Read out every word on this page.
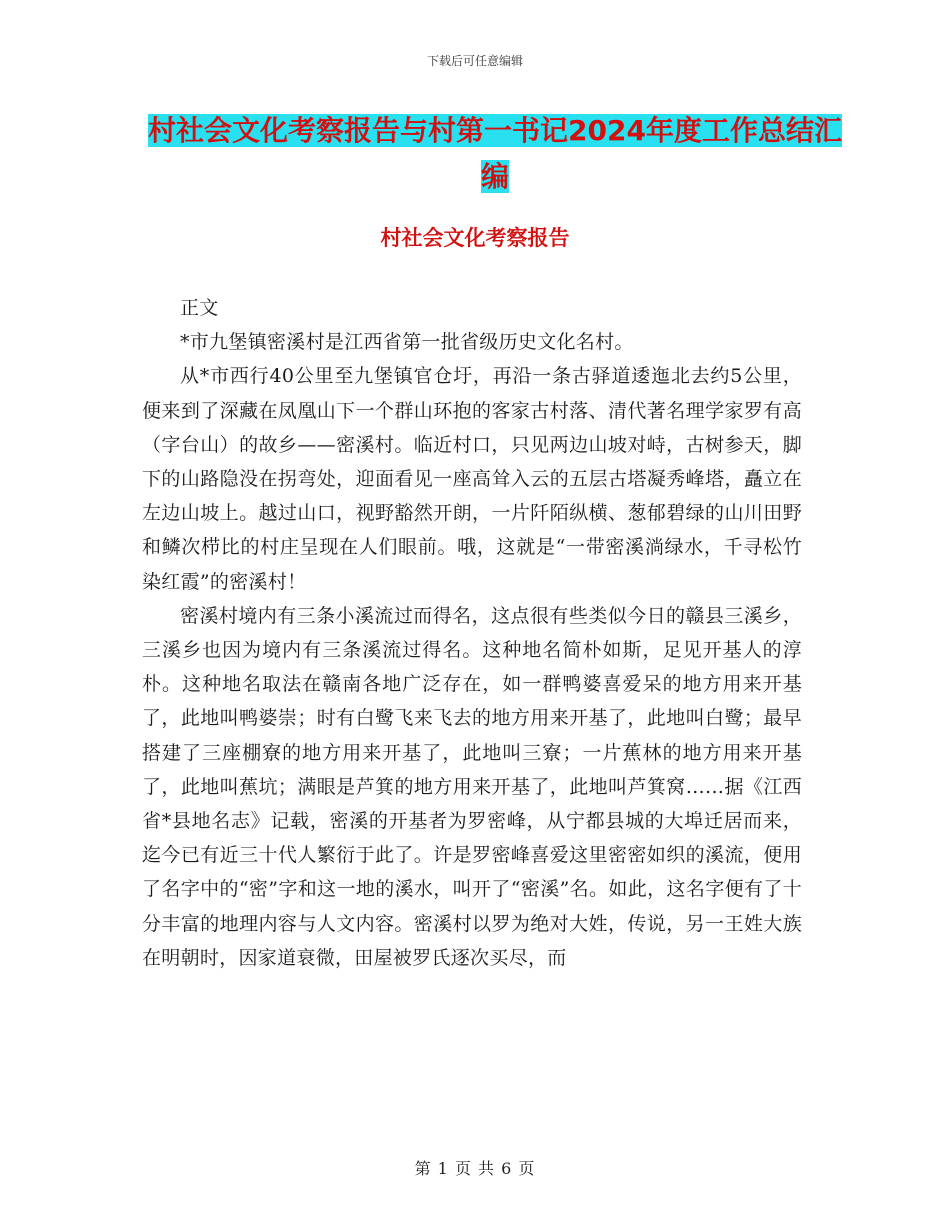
下载后可任意编辑
村社会文化考察报告与村第一书记2024年度工作总结汇编
村社会文化考察报告

正文

*市九堡镇密溪村是江西省第一批省级历史文化名村。

从*市西行40公里至九堡镇官仓圩，再沿一条古驿道逶迤北去约5公里，便来到了深藏在凤凰山下一个群山环抱的客家古村落、清代著名理学家罗有高（字台山）的故乡——密溪村。临近村口，只见两边山坡对峙，古树参天，脚下的山路隐没在拐弯处，迎面看见一座高耸入云的五层古塔凝秀峰塔，矗立在左边山坡上。越过山口，视野豁然开朗，一片阡陌纵横、葱郁碧绿的山川田野和鳞次栉比的村庄呈现在人们眼前。哦，这就是“一带密溪淌绿水，千寻松竹染红霞”的密溪村！

密溪村境内有三条小溪流过而得名，这点很有些类似今日的赣县三溪乡，三溪乡也因为境内有三条溪流过得名。这种地名简朴如斯，足见开基人的淳朴。这种地名取法在赣南各地广泛存在，如一群鸭婆喜爱呆的地方用来开基了，此地叫鸭婆崇；时有白鹭飞来飞去的地方用来开基了，此地叫白鹭；最早搭建了三座棚寮的地方用来开基了，此地叫三寮；一片蕉林的地方用来开基了，此地叫蕉坑；满眼是芦箕的地方用来开基了，此地叫芦箕窝……据《江西省*县地名志》记载，密溪的开基者为罗密峰，从宁都县城的大埠迁居而来，迄今已有近三十代人繁衍于此了。许是罗密峰喜爱这里密密如织的溪流，便用了名字中的“密”字和这一地的溪水，叫开了“密溪”名。如此，这名字便有了十分丰富的地理内容与人文内容。密溪村以罗为绝对大姓，传说，另一王姓大族在明朝时，因家道衰微，田屋被罗氏逐次买尽，而

第 1 页 共 6 页
